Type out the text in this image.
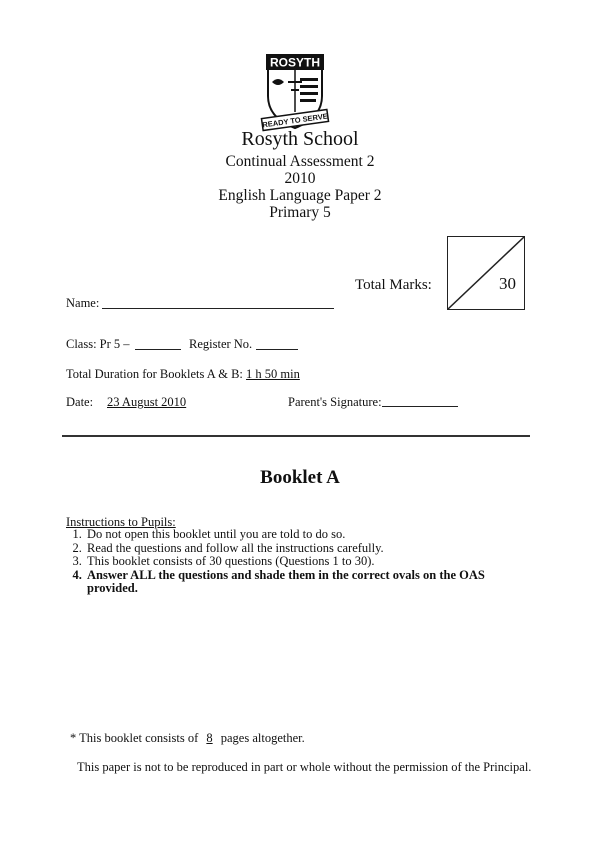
ROSYTH
READY TO SERVE
Rosyth School
Continual Assessment 2
2010
English Language Paper 2
Primary 5
Total Marks:	30
Name:
Class: Pr 5 –	Register No.
Total Duration for Booklets A & B: 1 h 50 min
Date: 23 August 2010	Parent's Signature:
Booklet A
Instructions to Pupils:
1. Do not open this booklet until you are told to do so.
2. Read the questions and follow all the instructions carefully.
3. This booklet consists of 30 questions (Questions 1 to 30).
4. Answer ALL the questions and shade them in the correct ovals on the OAS provided.
* This booklet consists of 8 pages altogether.
This paper is not to be reproduced in part or whole without the permission of the Principal.
